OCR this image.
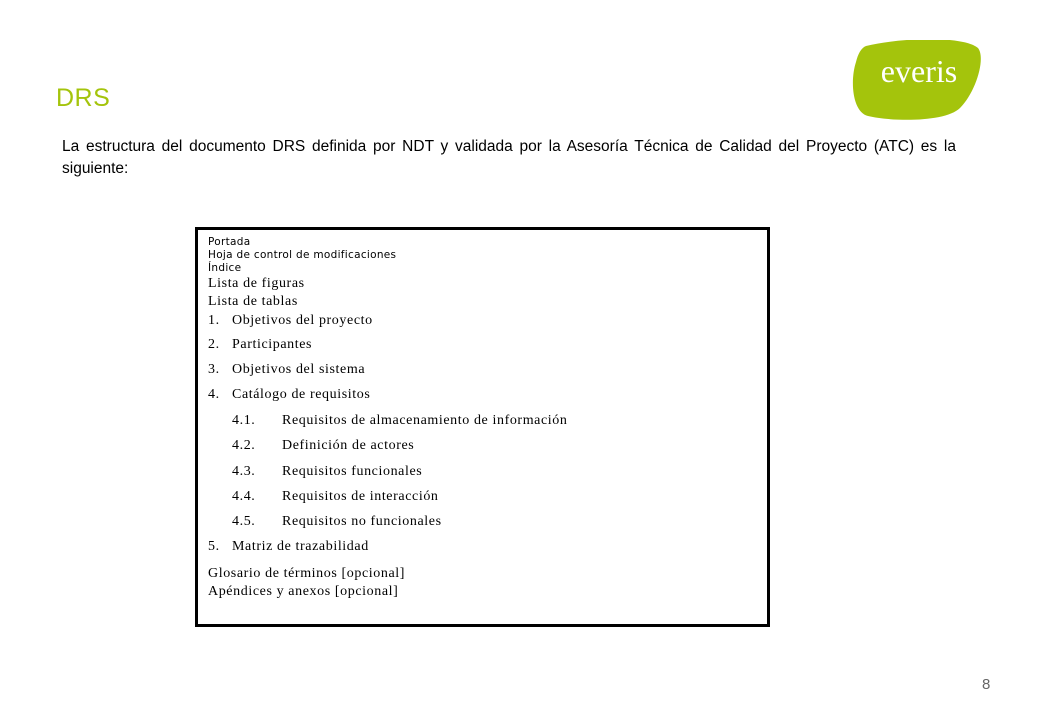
DRS
everis
La estructura del documento DRS definida por NDT y validada por la Asesoría Técnica de Calidad del Proyecto (ATC) es la siguiente:
Portada
Hoja de control de modificaciones
Índice
Lista de figuras
Lista de tablas
1. Objetivos del proyecto
2. Participantes
3. Objetivos del sistema
4. Catálogo de requisitos
4.1. Requisitos de almacenamiento de información
4.2. Definición de actores
4.3. Requisitos funcionales
4.4. Requisitos de interacción
4.5. Requisitos no funcionales
5. Matriz de trazabilidad
Glosario de términos [opcional]
Apéndices y anexos [opcional]
8
